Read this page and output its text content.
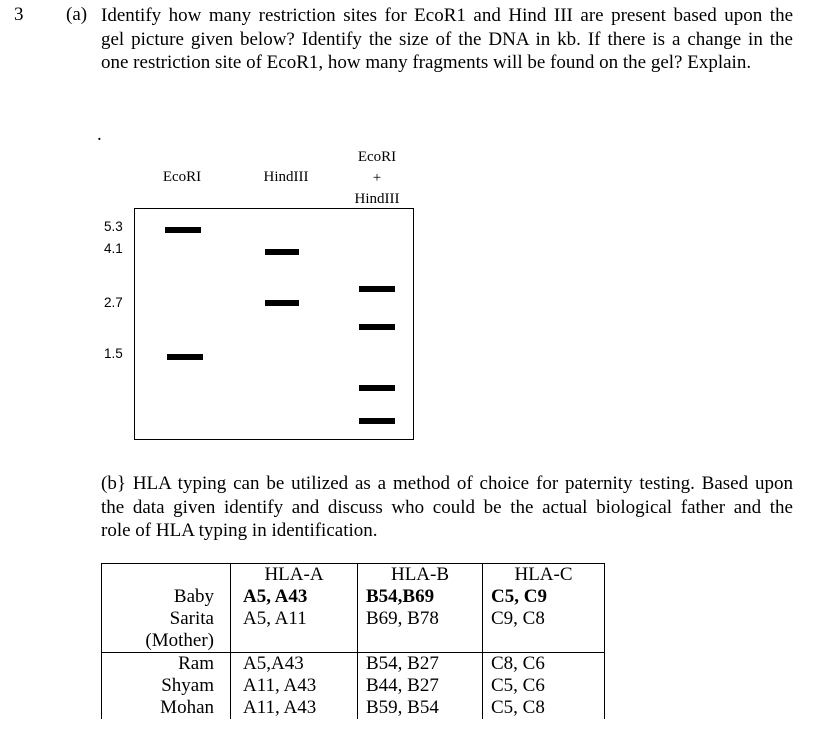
3 (a) Identify how many restriction sites for EcoR1 and Hind III are present based upon the
gel picture given below? Identify the size of the DNA in kb. If there is a change in the
one restriction site of EcoR1, how many fragments will be found on the gel? Explain.
.
EcoRI	HindIII
EcoRI
+
HindIII
5.3
4.1
2.7
1.5
(b} HLA typing can be utilized as a method of choice for paternity testing. Based upon
the data given identify and discuss who could be the actual biological father and the
role of HLA typing in identification.
	HLA-A	HLA-B	HLA-C
Baby	A5, A43	B54,B69	C5, C9
Sarita	A5, A11	B69, B78	C9, C8
(Mother)			
Ram	A5,A43	B54, B27	C8, C6
Shyam	A11, A43	B44, B27	C5, C6
Mohan	A11, A43	B59, B54	C5, C8
